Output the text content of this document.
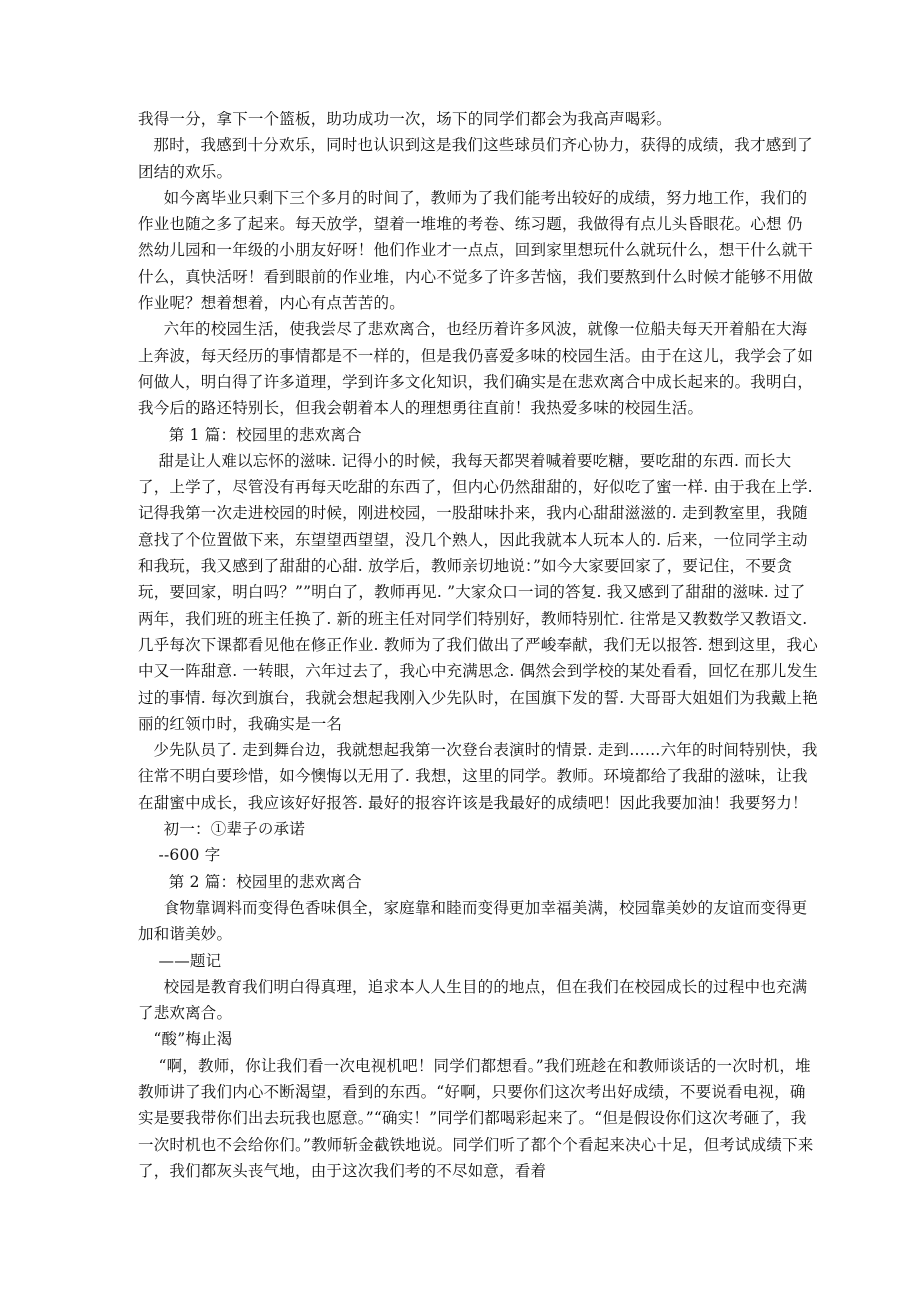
我得一分，拿下一个篮板，助功成功一次，场下的同学们都会为我高声喝彩。

那时，我感到十分欢乐，同时也认识到这是我们这些球员们齐心协力，获得的成绩，我才感到了团结的欢乐。

如今离毕业只剩下三个多月的时间了，教师为了我们能考出较好的成绩，努力地工作，我们的作业也随之多了起来。每天放学，望着一堆堆的考卷、练习题，我做得有点儿头昏眼花。心想 仍然幼儿园和一年级的小朋友好呀！他们作业才一点点，回到家里想玩什么就玩什么，想干什么就干什么，真快活呀！看到眼前的作业堆，内心不觉多了许多苦恼，我们要熬到什么时候才能够不用做作业呢？想着想着，内心有点苦苦的。

六年的校园生活，使我尝尽了悲欢离合，也经历着许多风波，就像一位船夫每天开着船在大海上奔波，每天经历的事情都是不一样的，但是我仍喜爱多味的校园生活。由于在这儿，我学会了如何做人，明白得了许多道理，学到许多文化知识，我们确实是在悲欢离合中成长起来的。我明白，我今后的路还特别长，但我会朝着本人的理想勇往直前！我热爱多味的校园生活。

第 1 篇：校园里的悲欢离合

甜是让人难以忘怀的滋味. 记得小的时候，我每天都哭着喊着要吃糖，要吃甜的东西. 而长大了，上学了，尽管没有再每天吃甜的东西了，但内心仍然甜甜的，好似吃了蜜一样. 由于我在上学. 记得我第一次走进校园的时候，刚进校园，一股甜味扑来，我内心甜甜滋滋的. 走到教室里，我随意找了个位置做下来，东望望西望望，没几个熟人，因此我就本人玩本人的. 后来，一位同学主动和我玩，我又感到了甜甜的心甜. 放学后，教师亲切地说：”如今大家要回家了，要记住，不要贪玩，要回家，明白吗？””明白了，教师再见. ”大家众口一词的答复. 我又感到了甜甜的滋味. 过了两年，我们班的班主任换了. 新的班主任对同学们特别好，教师特别忙. 往常是又教数学又教语文. 几乎每次下课都看见他在修正作业. 教师为了我们做出了严峻奉献，我们无以报答. 想到这里，我心中又一阵甜意. 一转眼，六年过去了，我心中充满思念. 偶然会到学校的某处看看，回忆在那儿发生过的事情. 每次到旗台，我就会想起我刚入少先队时，在国旗下发的誓. 大哥哥大姐姐们为我戴上艳丽的红领巾时，我确实是一名

少先队员了. 走到舞台边，我就想起我第一次登台表演时的情景. 走到……六年的时间特别快，我往常不明白要珍惜，如今懊悔以无用了. 我想，这里的同学。教师。环境都给了我甜的滋味，让我在甜蜜中成长，我应该好好报答. 最好的报容许该是我最好的成绩吧！因此我要加油！我要努力！

初一：①辈子の承诺

--600 字

第 2 篇：校园里的悲欢离合

食物靠调料而变得色香味俱全，家庭靠和睦而变得更加幸福美满，校园靠美妙的友谊而变得更加和谐美妙。

——题记

校园是教育我们明白得真理，追求本人人生目的的地点，但在我们在校园成长的过程中也充满了悲欢离合。

“酸”梅止渴

“啊，教师，你让我们看一次电视机吧！同学们都想看。”我们班趁在和教师谈话的一次时机，堆教师讲了我们内心不断渴望，看到的东西。“好啊，只要你们这次考出好成绩，不要说看电视，确实是要我带你们出去玩我也愿意。”“确实！”同学们都喝彩起来了。“但是假设你们这次考砸了，我一次时机也不会给你们。”教师斩金截铁地说。同学们听了都个个看起来决心十足，但考试成绩下来了，我们都灰头丧气地，由于这次我们考的不尽如意，看着
